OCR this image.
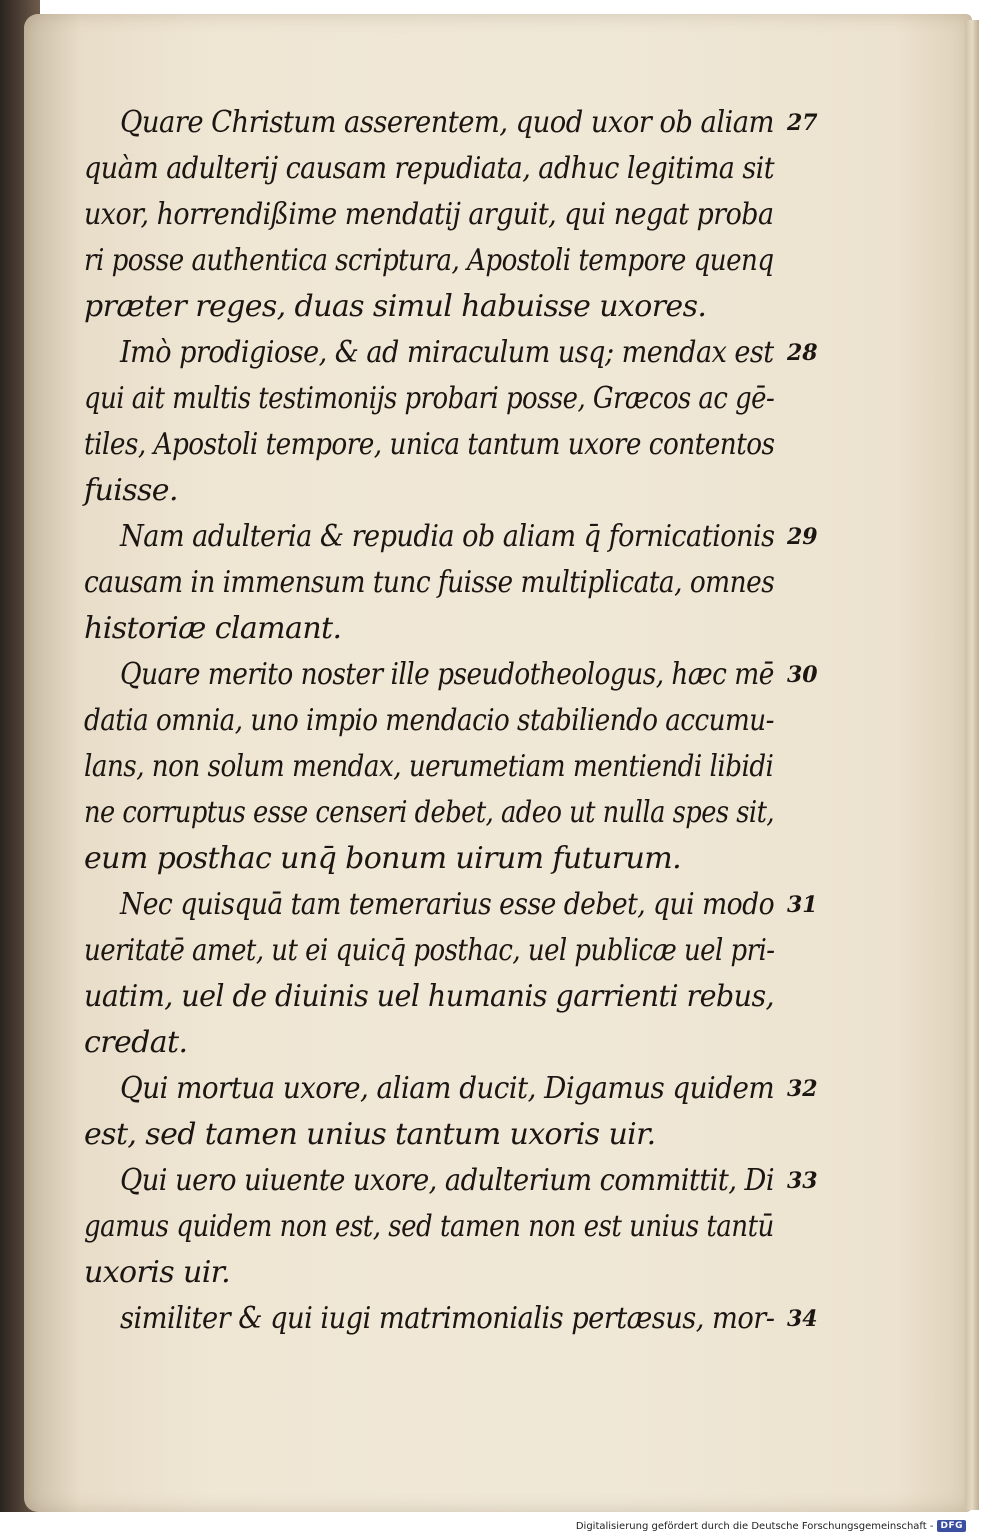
Quare Christum asserentem, quod uxor ob aliam
quàm adulterij causam repudiata, adhuc legitima sit
uxor, horrendißime mendatij arguit, qui negat proba
ri posse authentica scriptura, Apostoli tempore quenq
præter reges, duas simul habuisse uxores.
Imò prodigiose, & ad miraculum usq; mendax est
qui ait multis testimonijs probari posse, Græcos ac gē-
tiles, Apostoli tempore, unica tantum uxore contentos
fuisse.
Nam adulteria & repudia ob aliam q̄ fornicationis
causam in immensum tunc fuisse multiplicata, omnes
historiæ clamant.
Quare merito noster ille pseudotheologus, hæc mē
datia omnia, uno impio mendacio stabiliendo accumu-
lans, non solum mendax, uerumetiam mentiendi libidi
ne corruptus esse censeri debet, adeo ut nulla spes sit,
eum posthac unq̄ bonum uirum futurum.
Nec quisquā tam temerarius esse debet, qui modo
ueritatē amet, ut ei quicq̄ posthac, uel publicæ uel pri-
uatim, uel de diuinis uel humanis garrienti rebus,
credat.
Qui mortua uxore, aliam ducit, Digamus quidem
est, sed tamen unius tantum uxoris uir.
Qui uero uiuente uxore, adulterium committit, Di
gamus quidem non est, sed tamen non est unius tantū
uxoris uir.
similiter & qui iugi matrimonialis pertæsus, mor-
27
28
29
30
31
32
33
34
Digitalisierung gefördert durch die Deutsche Forschungsgemeinschaft - DFG
